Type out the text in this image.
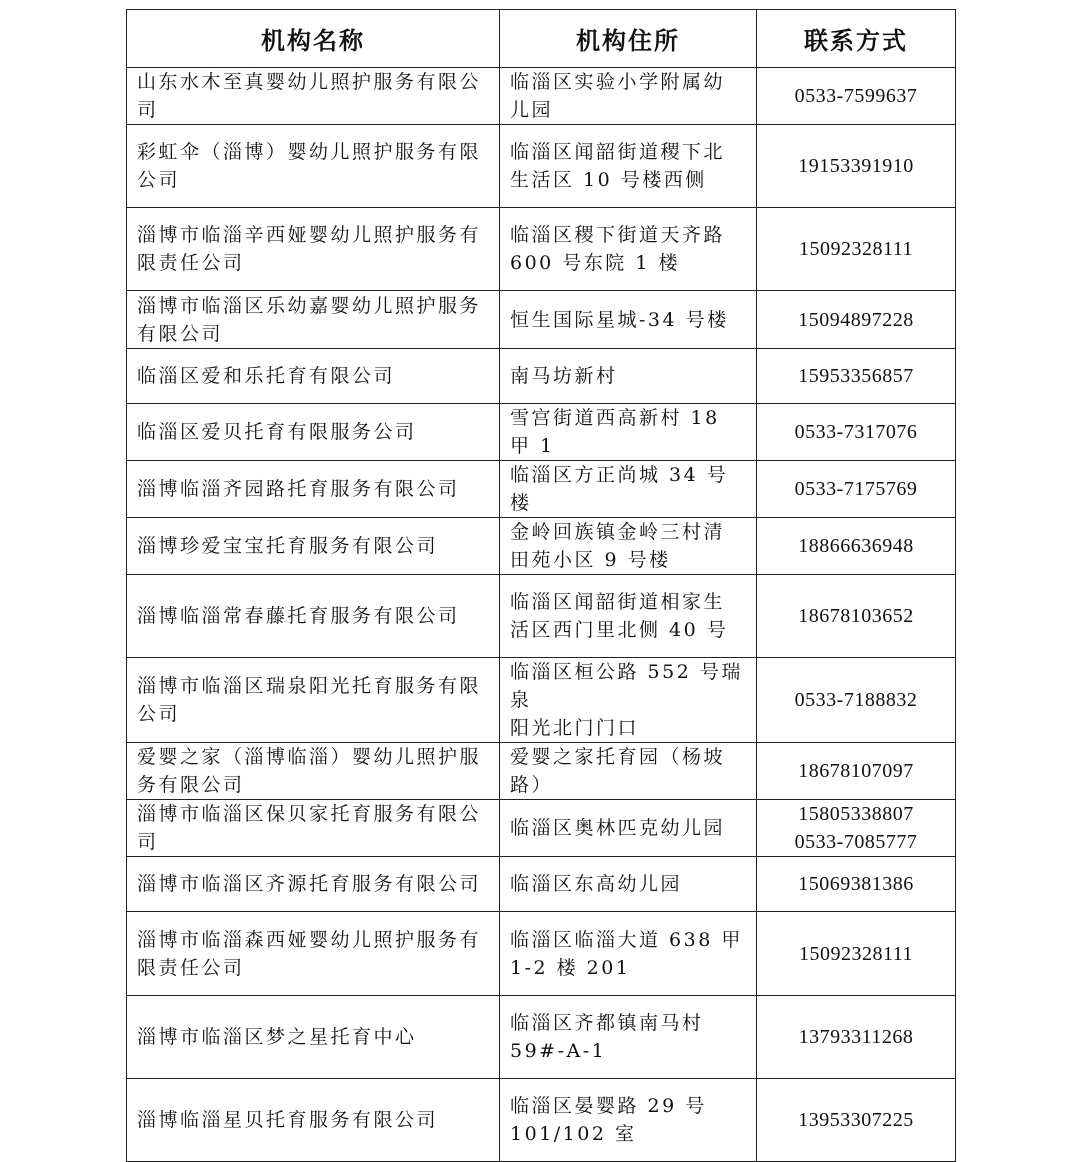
机构名称	机构住所	联系方式

山东水木至真婴幼儿照护服务有限公
司	临淄区实验小学附属幼
儿园	0533-7599637

彩虹伞（淄博）婴幼儿照护服务有限
公司	临淄区闻韶街道稷下北
生活区 10 号楼西侧	19153391910

淄博市临淄辛西娅婴幼儿照护服务有
限责任公司	临淄区稷下街道天齐路
600 号东院 1 楼	15092328111

淄博市临淄区乐幼嘉婴幼儿照护服务
有限公司	恒生国际星城-34 号楼	15094897228

临淄区爱和乐托育有限公司	南马坊新村	15953356857

临淄区爱贝托育有限服务公司	雪宫街道西高新村 18 甲 1	0533-7317076

淄博临淄齐园路托育服务有限公司	临淄区方正尚城 34 号楼	0533-7175769

淄博珍爱宝宝托育服务有限公司	金岭回族镇金岭三村清
田苑小区 9 号楼	18866636948

淄博临淄常春藤托育服务有限公司	临淄区闻韶街道相家生
活区西门里北侧 40 号	18678103652

淄博市临淄区瑞泉阳光托育服务有限
公司	临淄区桓公路 552 号瑞泉
阳光北门门口	0533-7188832

爱婴之家（淄博临淄）婴幼儿照护服
务有限公司	爱婴之家托育园（杨坡
路）	18678107097

淄博市临淄区保贝家托育服务有限公
司	临淄区奥林匹克幼儿园	15805338807
0533-7085777

淄博市临淄区齐源托育服务有限公司	临淄区东高幼儿园	15069381386

淄博市临淄森西娅婴幼儿照护服务有
限责任公司	临淄区临淄大道 638 甲
1-2 楼 201	15092328111

淄博市临淄区梦之星托育中心	临淄区齐都镇南马村
59#-A-1	13793311268

淄博临淄星贝托育服务有限公司	临淄区晏婴路 29 号
101/102 室	13953307225
